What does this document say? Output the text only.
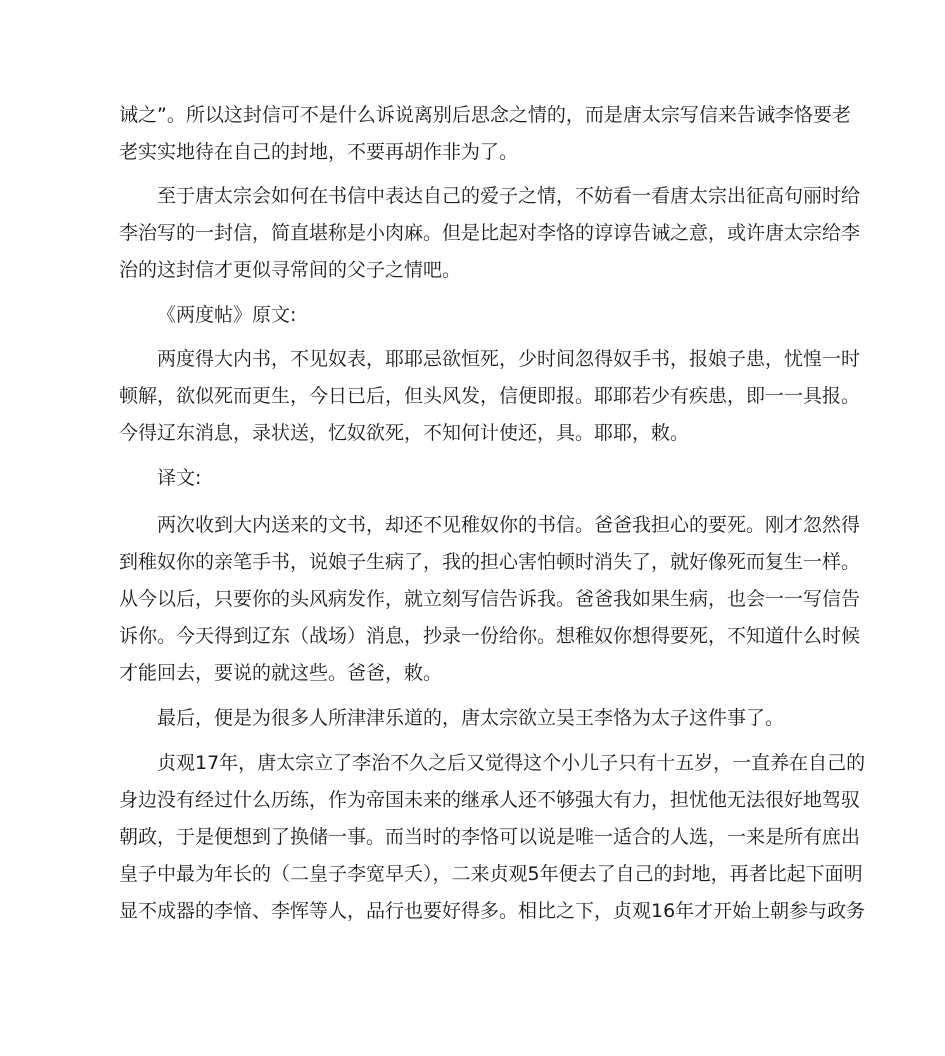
诫之”。所以这封信可不是什么诉说离别后思念之情的，而是唐太宗写信来告诫李恪要老
老实实地待在自己的封地，不要再胡作非为了。
至于唐太宗会如何在书信中表达自己的爱子之情，不妨看一看唐太宗出征高句丽时给
李治写的一封信，简直堪称是小肉麻。但是比起对李恪的谆谆告诫之意，或许唐太宗给李
治的这封信才更似寻常间的父子之情吧。
《两度帖》原文:
两度得大内书，不见奴表，耶耶忌欲恒死，少时间忽得奴手书，报娘子患，忧惶一时
顿解，欲似死而更生，今日已后，但头风发，信便即报。耶耶若少有疾患，即一一具报。
今得辽东消息，录状送，忆奴欲死，不知何计使还，具。耶耶，敕。
译文:
两次收到大内送来的文书，却还不见稚奴你的书信。爸爸我担心的要死。刚才忽然得
到稚奴你的亲笔手书，说娘子生病了，我的担心害怕顿时消失了，就好像死而复生一样。
从今以后，只要你的头风病发作，就立刻写信告诉我。爸爸我如果生病，也会一一写信告
诉你。今天得到辽东（战场）消息，抄录一份给你。想稚奴你想得要死，不知道什么时候
才能回去，要说的就这些。爸爸，敕。
最后，便是为很多人所津津乐道的，唐太宗欲立吴王李恪为太子这件事了。
贞观17年，唐太宗立了李治不久之后又觉得这个小儿子只有十五岁，一直养在自己的
身边没有经过什么历练，作为帝国未来的继承人还不够强大有力，担忧他无法很好地驾驭
朝政，于是便想到了换储一事。而当时的李恪可以说是唯一适合的人选，一来是所有庶出
皇子中最为年长的（二皇子李宽早夭），二来贞观5年便去了自己的封地，再者比起下面明
显不成器的李愔、李恽等人，品行也要好得多。相比之下，贞观16年才开始上朝参与政务
